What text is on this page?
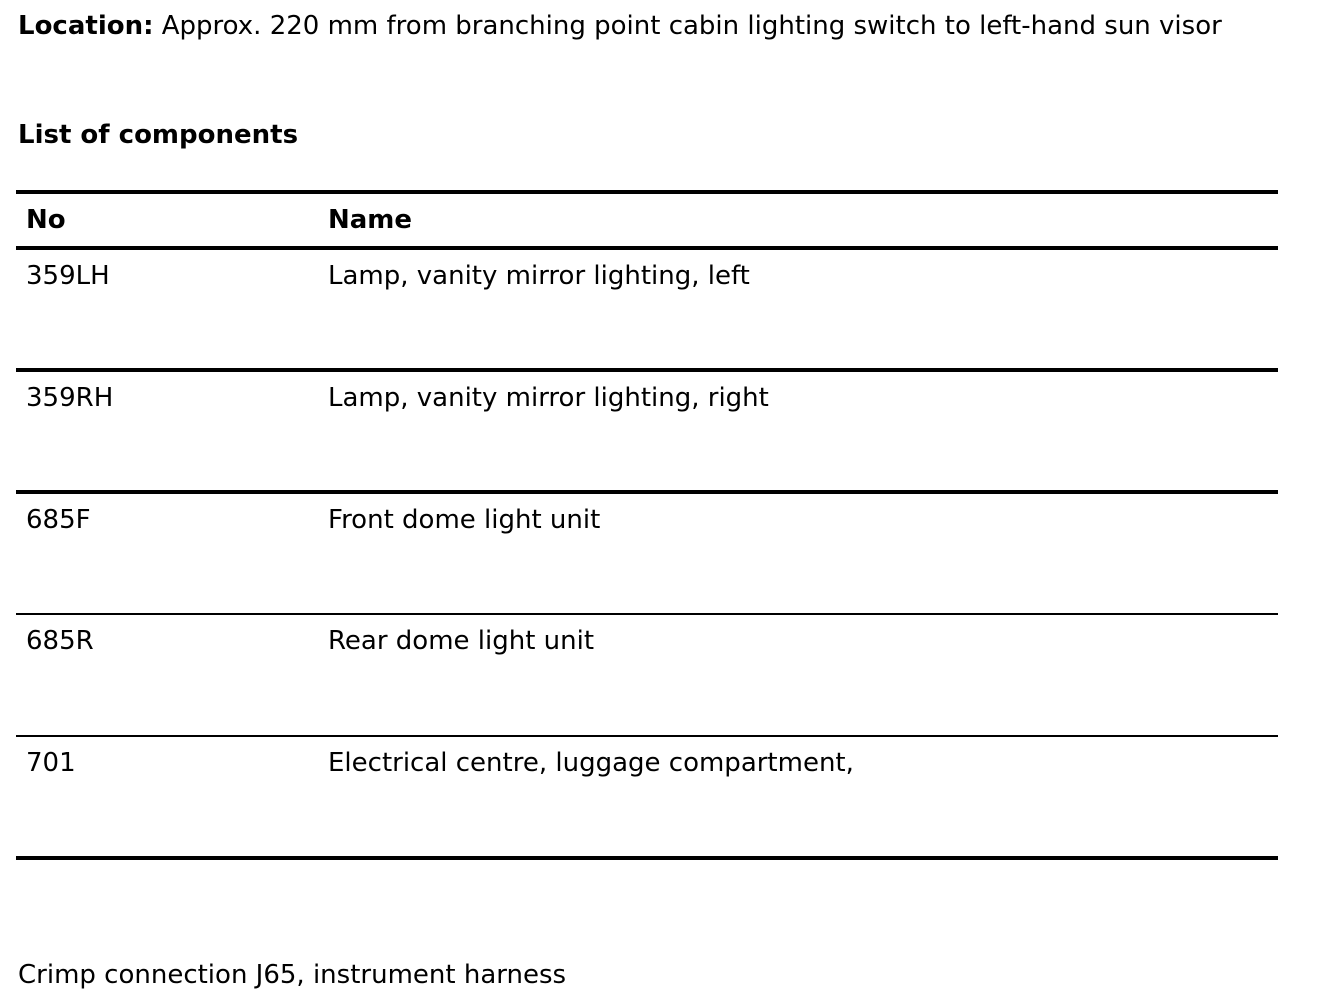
Location: Approx. 220 mm from branching point cabin lighting switch to left-hand sun visor
List of components
No	Name
359LH	Lamp, vanity mirror lighting, left
359RH	Lamp, vanity mirror lighting, right
685F	Front dome light unit
685R	Rear dome light unit
701	Electrical centre, luggage compartment,
Crimp connection J65, instrument harness
